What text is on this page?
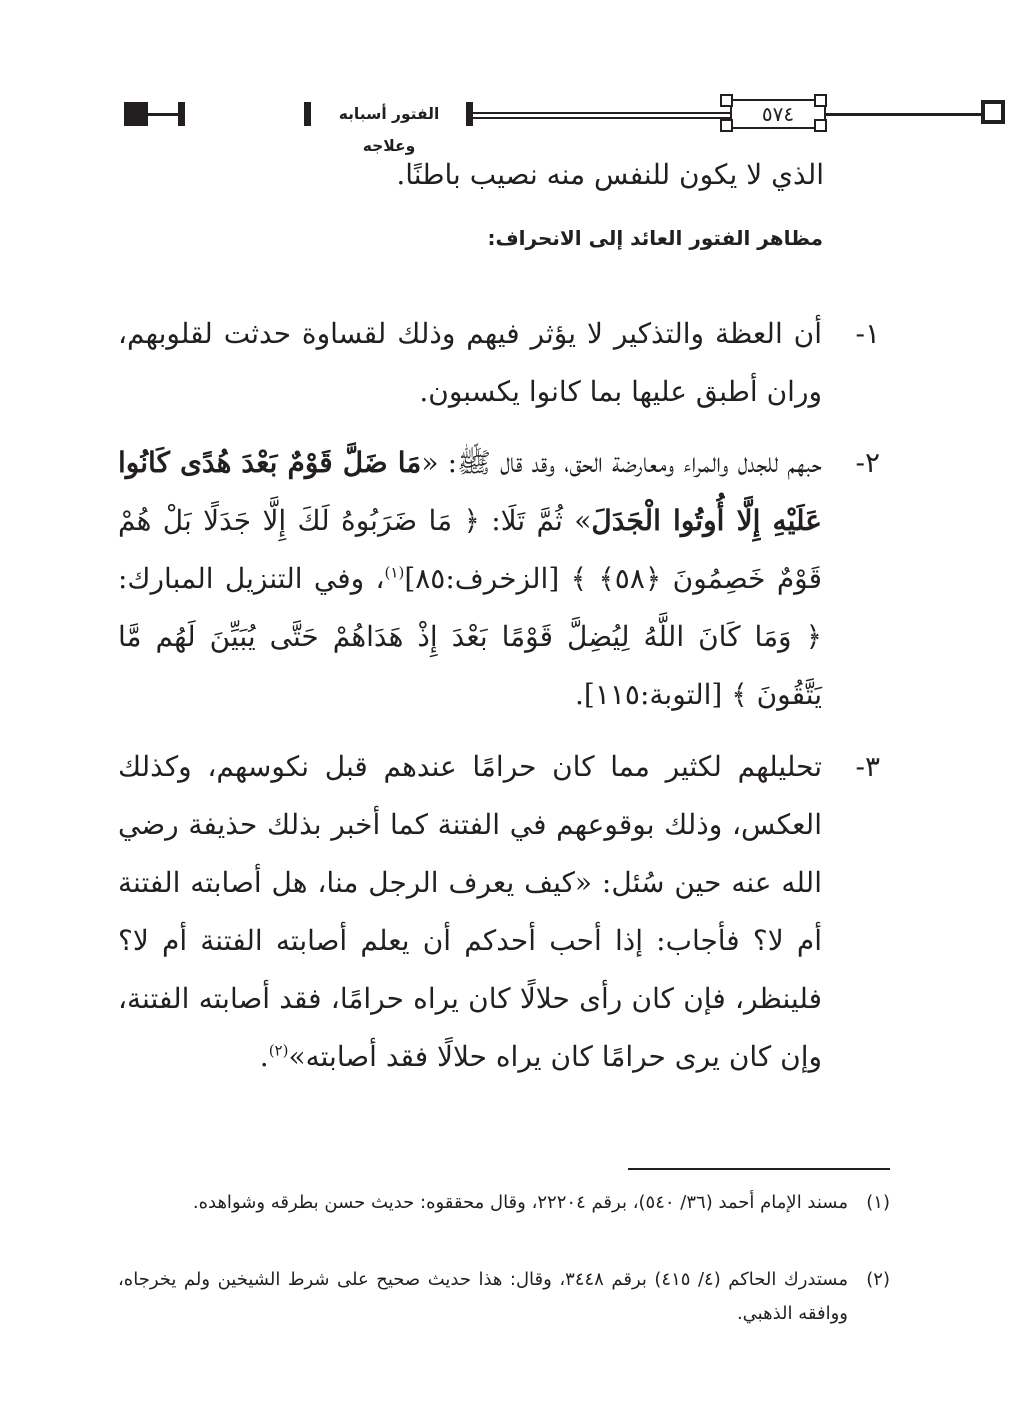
الفتور أسبابه وعلاجه
٥٧٤
الذي لا يكون للنفس منه نصيب باطنًا.
مظاهر الفتور العائد إلى الانحراف:
١-
أن العظة والتذكير لا يؤثر فيهم وذلك لقساوة حدثت لقلوبهم، وران أطبق عليها بما كانوا يكسبون.
٢-
حبهم للجدل والمراء ومعارضة الحق، وقد قال ﷺ: «مَا ضَلَّ قَوْمٌ بَعْدَ هُدًى كَانُوا عَلَيْهِ إِلَّا أُوتُوا الْجَدَلَ» ثُمَّ تَلَا: ﴿ مَا ضَرَبُوهُ لَكَ إِلَّا جَدَلًا بَلْ هُمْ قَوْمٌ خَصِمُونَ ﴿٥٨﴾ ﴾ [الزخرف:٨٥]$^{(١)}$، وفي التنزيل المبارك: ﴿ وَمَا كَانَ اللَّهُ لِيُضِلَّ قَوْمًا بَعْدَ إِذْ هَدَاهُمْ حَتَّى يُبَيِّنَ لَهُم مَّا يَتَّقُونَ ﴾ [التوبة:١١٥].
٣-
تحليلهم لكثير مما كان حرامًا عندهم قبل نكوسهم، وكذلك العكس، وذلك بوقوعهم في الفتنة كما أخبر بذلك حذيفة رضي الله عنه حين سُئل: «كيف يعرف الرجل منا، هل أصابته الفتنة أم لا؟ فأجاب: إذا أحب أحدكم أن يعلم أصابته الفتنة أم لا؟ فلينظر، فإن كان رأى حلالًا كان يراه حرامًا، فقد أصابته الفتنة، وإن كان يرى حرامًا كان يراه حلالًا فقد أصابته»$^{(٢)}$.
(١)
مسند الإمام أحمد (٣٦/ ٥٤٠)، برقم ٢٢٢٠٤، وقال محققوه: حديث حسن بطرقه وشواهده.
(٢)
مستدرك الحاكم (٤/ ٤١٥) برقم ٣٤٤٨، وقال: هذا حديث صحيح على شرط الشيخين ولم يخرجاه، ووافقه الذهبي.
